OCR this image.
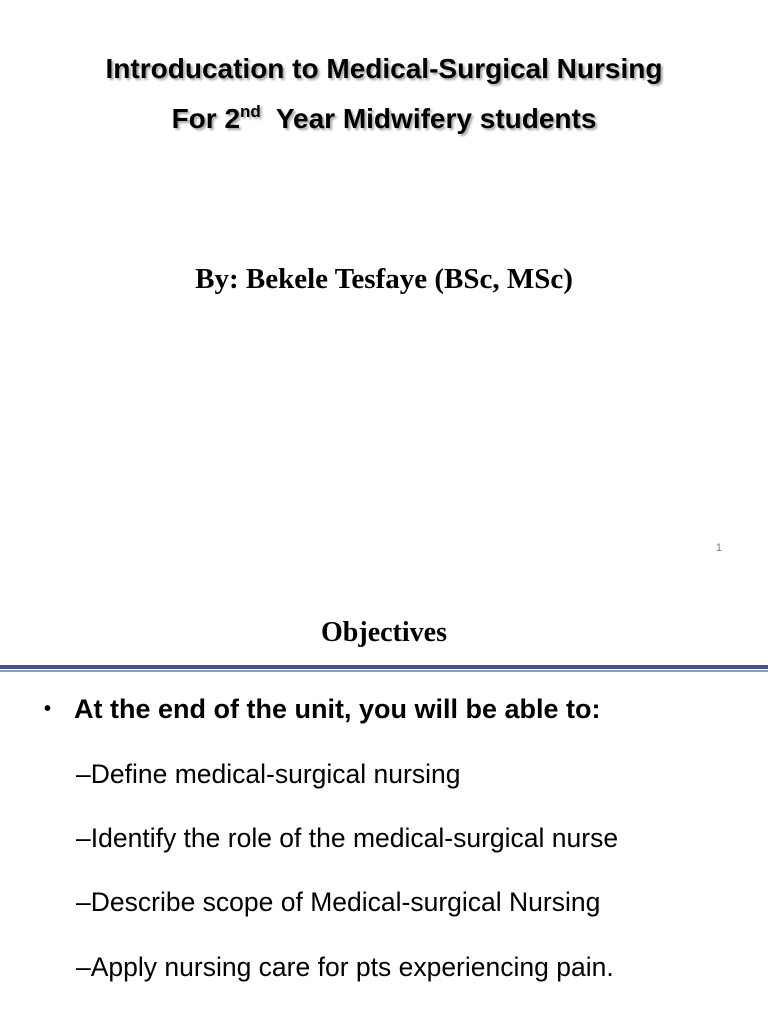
Introducation to Medical-Surgical Nursing
For 2nd  Year Midwifery students
By: Bekele Tesfaye (BSc, MSc)
1
Objectives
• At the end of the unit, you will be able to:
–Define medical-surgical nursing
–Identify the role of the medical-surgical nurse
–Describe scope of Medical-surgical Nursing
–Apply nursing care for pts experiencing pain.
